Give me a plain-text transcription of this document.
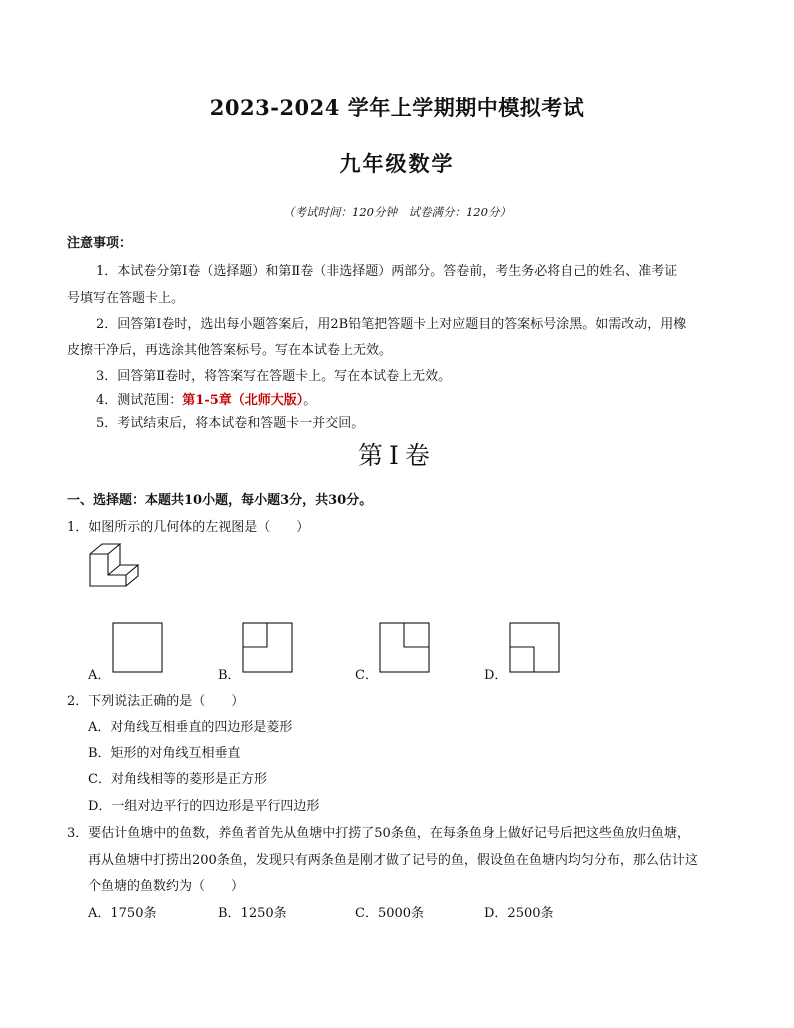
2023-2024 学年上学期期中模拟考试
九年级数学
（考试时间：120分钟　试卷满分：120分）
注意事项：
1．本试卷分第Ⅰ卷（选择题）和第Ⅱ卷（非选择题）两部分。答卷前，考生务必将自己的姓名、准考证
号填写在答题卡上。
2．回答第Ⅰ卷时，选出每小题答案后，用2B铅笔把答题卡上对应题目的答案标号涂黑。如需改动，用橡
皮擦干净后，再选涂其他答案标号。写在本试卷上无效。
3．回答第Ⅱ卷时，将答案写在答题卡上。写在本试卷上无效。
4．测试范围：第1-5章（北师大版）。
5．考试结束后，将本试卷和答题卡一并交回。
第Ⅰ卷
一、选择题：本题共10小题，每小题3分，共30分。
1．如图所示的几何体的左视图是（　　）
A．	B．	C．	D．
2．下列说法正确的是（　　）
A．对角线互相垂直的四边形是菱形
B．矩形的对角线互相垂直
C．对角线相等的菱形是正方形
D．一组对边平行的四边形是平行四边形
3．要估计鱼塘中的鱼数，养鱼者首先从鱼塘中打捞了50条鱼，在每条鱼身上做好记号后把这些鱼放归鱼塘，
再从鱼塘中打捞出200条鱼，发现只有两条鱼是刚才做了记号的鱼，假设鱼在鱼塘内均匀分布，那么估计这
个鱼塘的鱼数约为（　　）
A．1750条	B．1250条	C．5000条	D．2500条
